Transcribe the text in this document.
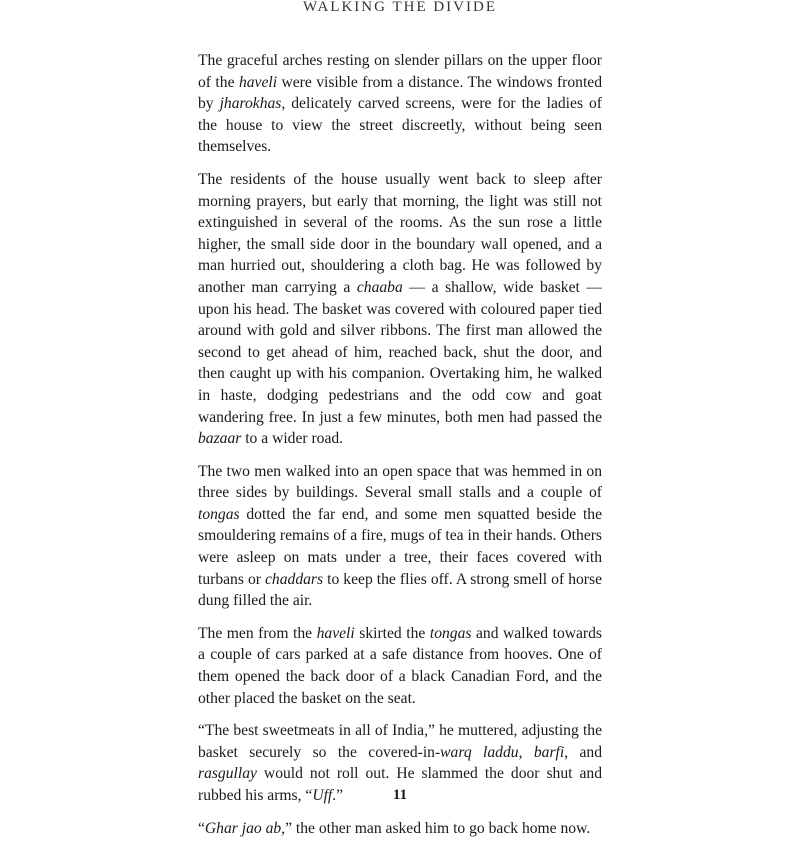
WALKING THE DIVIDE

The graceful arches resting on slender pillars on the upper floor of the haveli were visible from a distance. The windows fronted by jharokhas, delicately carved screens, were for the ladies of the house to view the street discreetly, without being seen themselves.

The residents of the house usually went back to sleep after morning prayers, but early that morning, the light was still not extinguished in several of the rooms. As the sun rose a little higher, the small side door in the boundary wall opened, and a man hurried out, shouldering a cloth bag. He was followed by another man carrying a chaaba — a shallow, wide basket — upon his head. The basket was covered with coloured paper tied around with gold and silver ribbons. The first man allowed the second to get ahead of him, reached back, shut the door, and then caught up with his companion. Overtaking him, he walked in haste, dodging pedestrians and the odd cow and goat wandering free. In just a few minutes, both men had passed the bazaar to a wider road.

The two men walked into an open space that was hemmed in on three sides by buildings. Several small stalls and a couple of tongas dotted the far end, and some men squatted beside the smouldering remains of a fire, mugs of tea in their hands. Others were asleep on mats under a tree, their faces covered with turbans or chaddars to keep the flies off. A strong smell of horse dung filled the air.

The men from the haveli skirted the tongas and walked towards a couple of cars parked at a safe distance from hooves. One of them opened the back door of a black Canadian Ford, and the other placed the basket on the seat.

“The best sweetmeats in all of India,” he muttered, adjusting the basket securely so the covered-in-warq laddu, barfi, and rasgullay would not roll out. He slammed the door shut and rubbed his arms, “Uff.”

“Ghar jao ab,” the other man asked him to go back home now.

11
